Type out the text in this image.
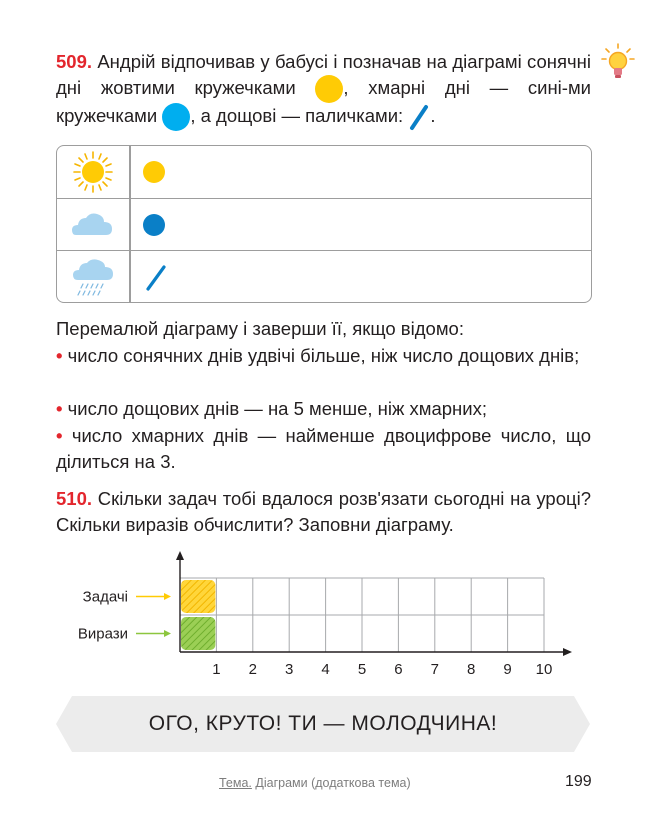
509. Андрій відпочивав у бабусі і позначав на діаграмі сонячні дні жовтими кружечками	, хмарні дні — сині-ми кружечками , а дощові — паличками: .
Перемалюй діаграму і заверши її, якщо відомо:
• число сонячних днів удвічі більше, ніж число дощових днів;
• число дощових днів — на 5 менше, ніж хмарних;
• число хмарних днів — найменше двоцифрове число, що ділиться на 3.
510. Скільки задач тобі вдалося розв'язати сьогодні на уроці? Скільки виразів обчислити? Заповни діаграму.
Задачі
Вирази
1 2 3 4 5 6 7 8 9 10
ОГО, КРУТО! ТИ — МОЛОДЧИНА!
Тема. Діаграми (додаткова тема)	199
